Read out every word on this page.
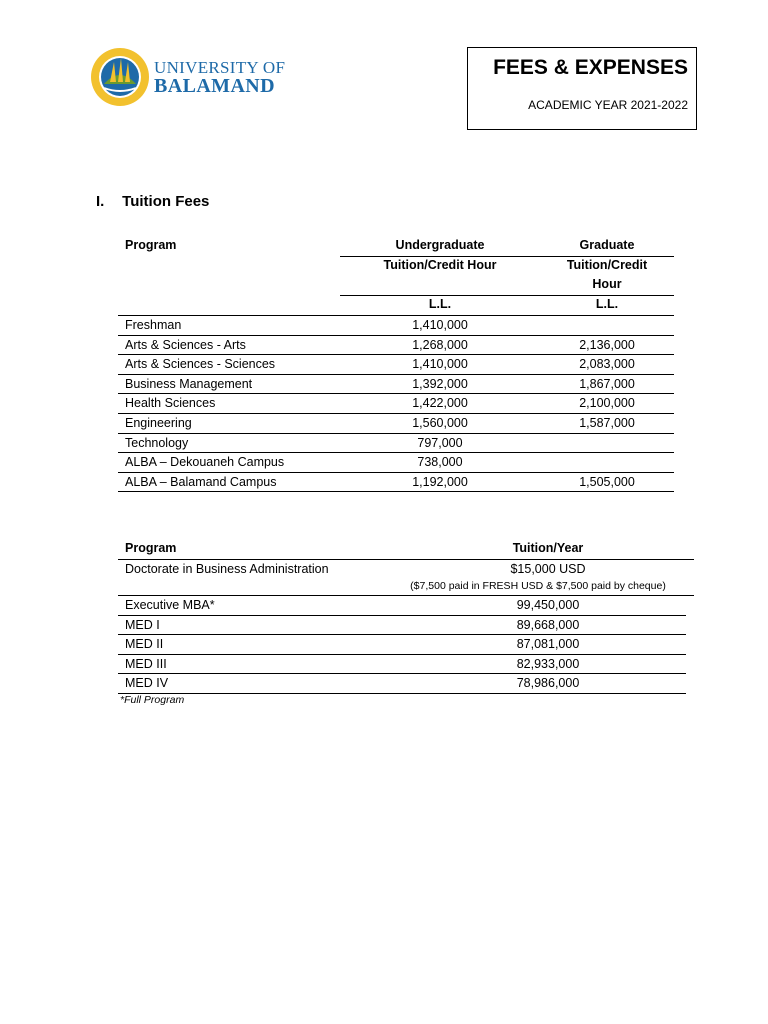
UNIVERSITY OF
BALAMAND
FEES & EXPENSES
ACADEMIC YEAR 2021-2022
I. Tuition Fees
Program	Undergraduate	Graduate
Tuition/Credit Hour	Tuition/Credit
Hour
L.L.	L.L.
Freshman	1,410,000
Arts & Sciences - Arts	1,268,000	2,136,000
Arts & Sciences - Sciences	1,410,000	2,083,000
Business Management	1,392,000	1,867,000
Health Sciences	1,422,000	2,100,000
Engineering	1,560,000	1,587,000
Technology	797,000
ALBA – Dekouaneh Campus	738,000
ALBA – Balamand Campus	1,192,000	1,505,000
Program	Tuition/Year
Doctorate in Business Administration	$15,000 USD
($7,500 paid in FRESH USD & $7,500 paid by cheque)
Executive MBA*	99,450,000
MED I	89,668,000
MED II	87,081,000
MED III	82,933,000
MED IV	78,986,000
*Full Program
